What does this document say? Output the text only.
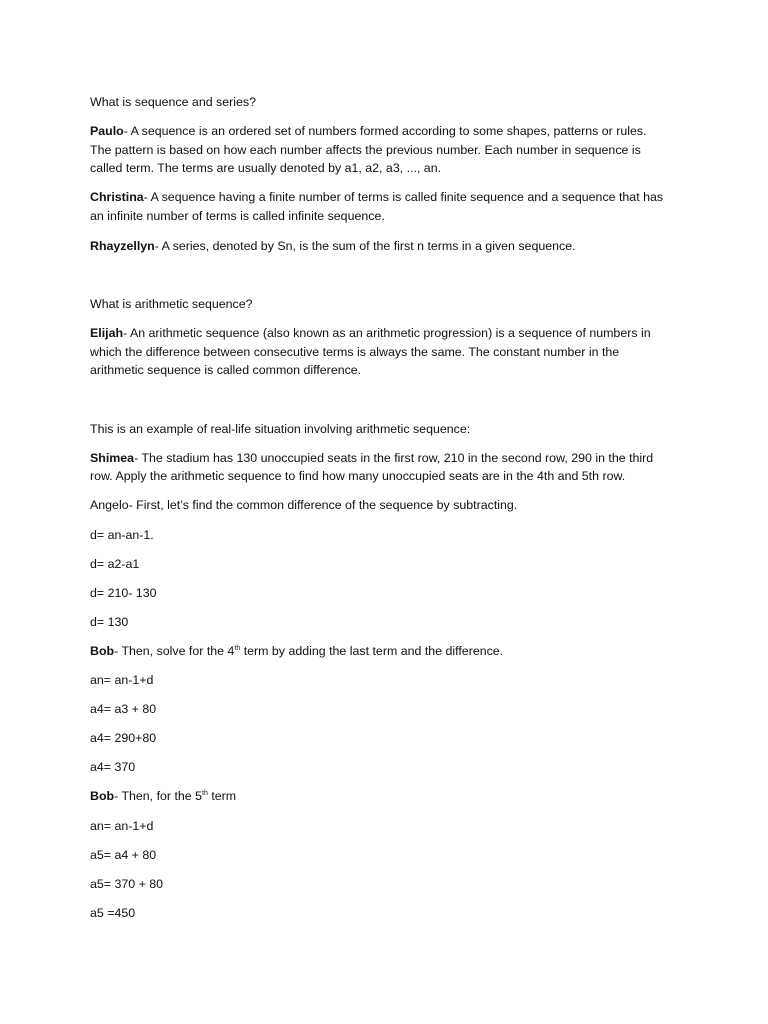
What is sequence and series?

Paulo- A sequence is an ordered set of numbers formed according to some shapes, patterns or rules.

The pattern is based on how each number affects the previous number. Each number in sequence is

called term. The terms are usually denoted by a1, a2, a3, ..., an.

Christina- A sequence having a finite number of terms is called finite sequence and a sequence that has

an infinite number of terms is called infinite sequence.

Rhayzellyn- A series, denoted by Sn, is the sum of the first n terms in a given sequence.

What is arithmetic sequence?

Elijah- An arithmetic sequence (also known as an arithmetic progression) is a sequence of numbers in

which the difference between consecutive terms is always the same. The constant number in the

arithmetic sequence is called common difference.

This is an example of real-life situation involving arithmetic sequence:

Shimea- The stadium has 130 unoccupied seats in the first row, 210 in the second row, 290 in the third

row. Apply the arithmetic sequence to find how many unoccupied seats are in the 4th and 5th row.

Angelo- First, let’s find the common difference of the sequence by subtracting.

d= an-an-1.

d= a2-a1

d= 210- 130

d= 130

Bob- Then, solve for the 4th term by adding the last term and the difference.

an= an-1+d

a4= a3 + 80

a4= 290+80

a4= 370

Bob- Then, for the 5th term

an= an-1+d

a5= a4 + 80

a5= 370 + 80

a5 =450
